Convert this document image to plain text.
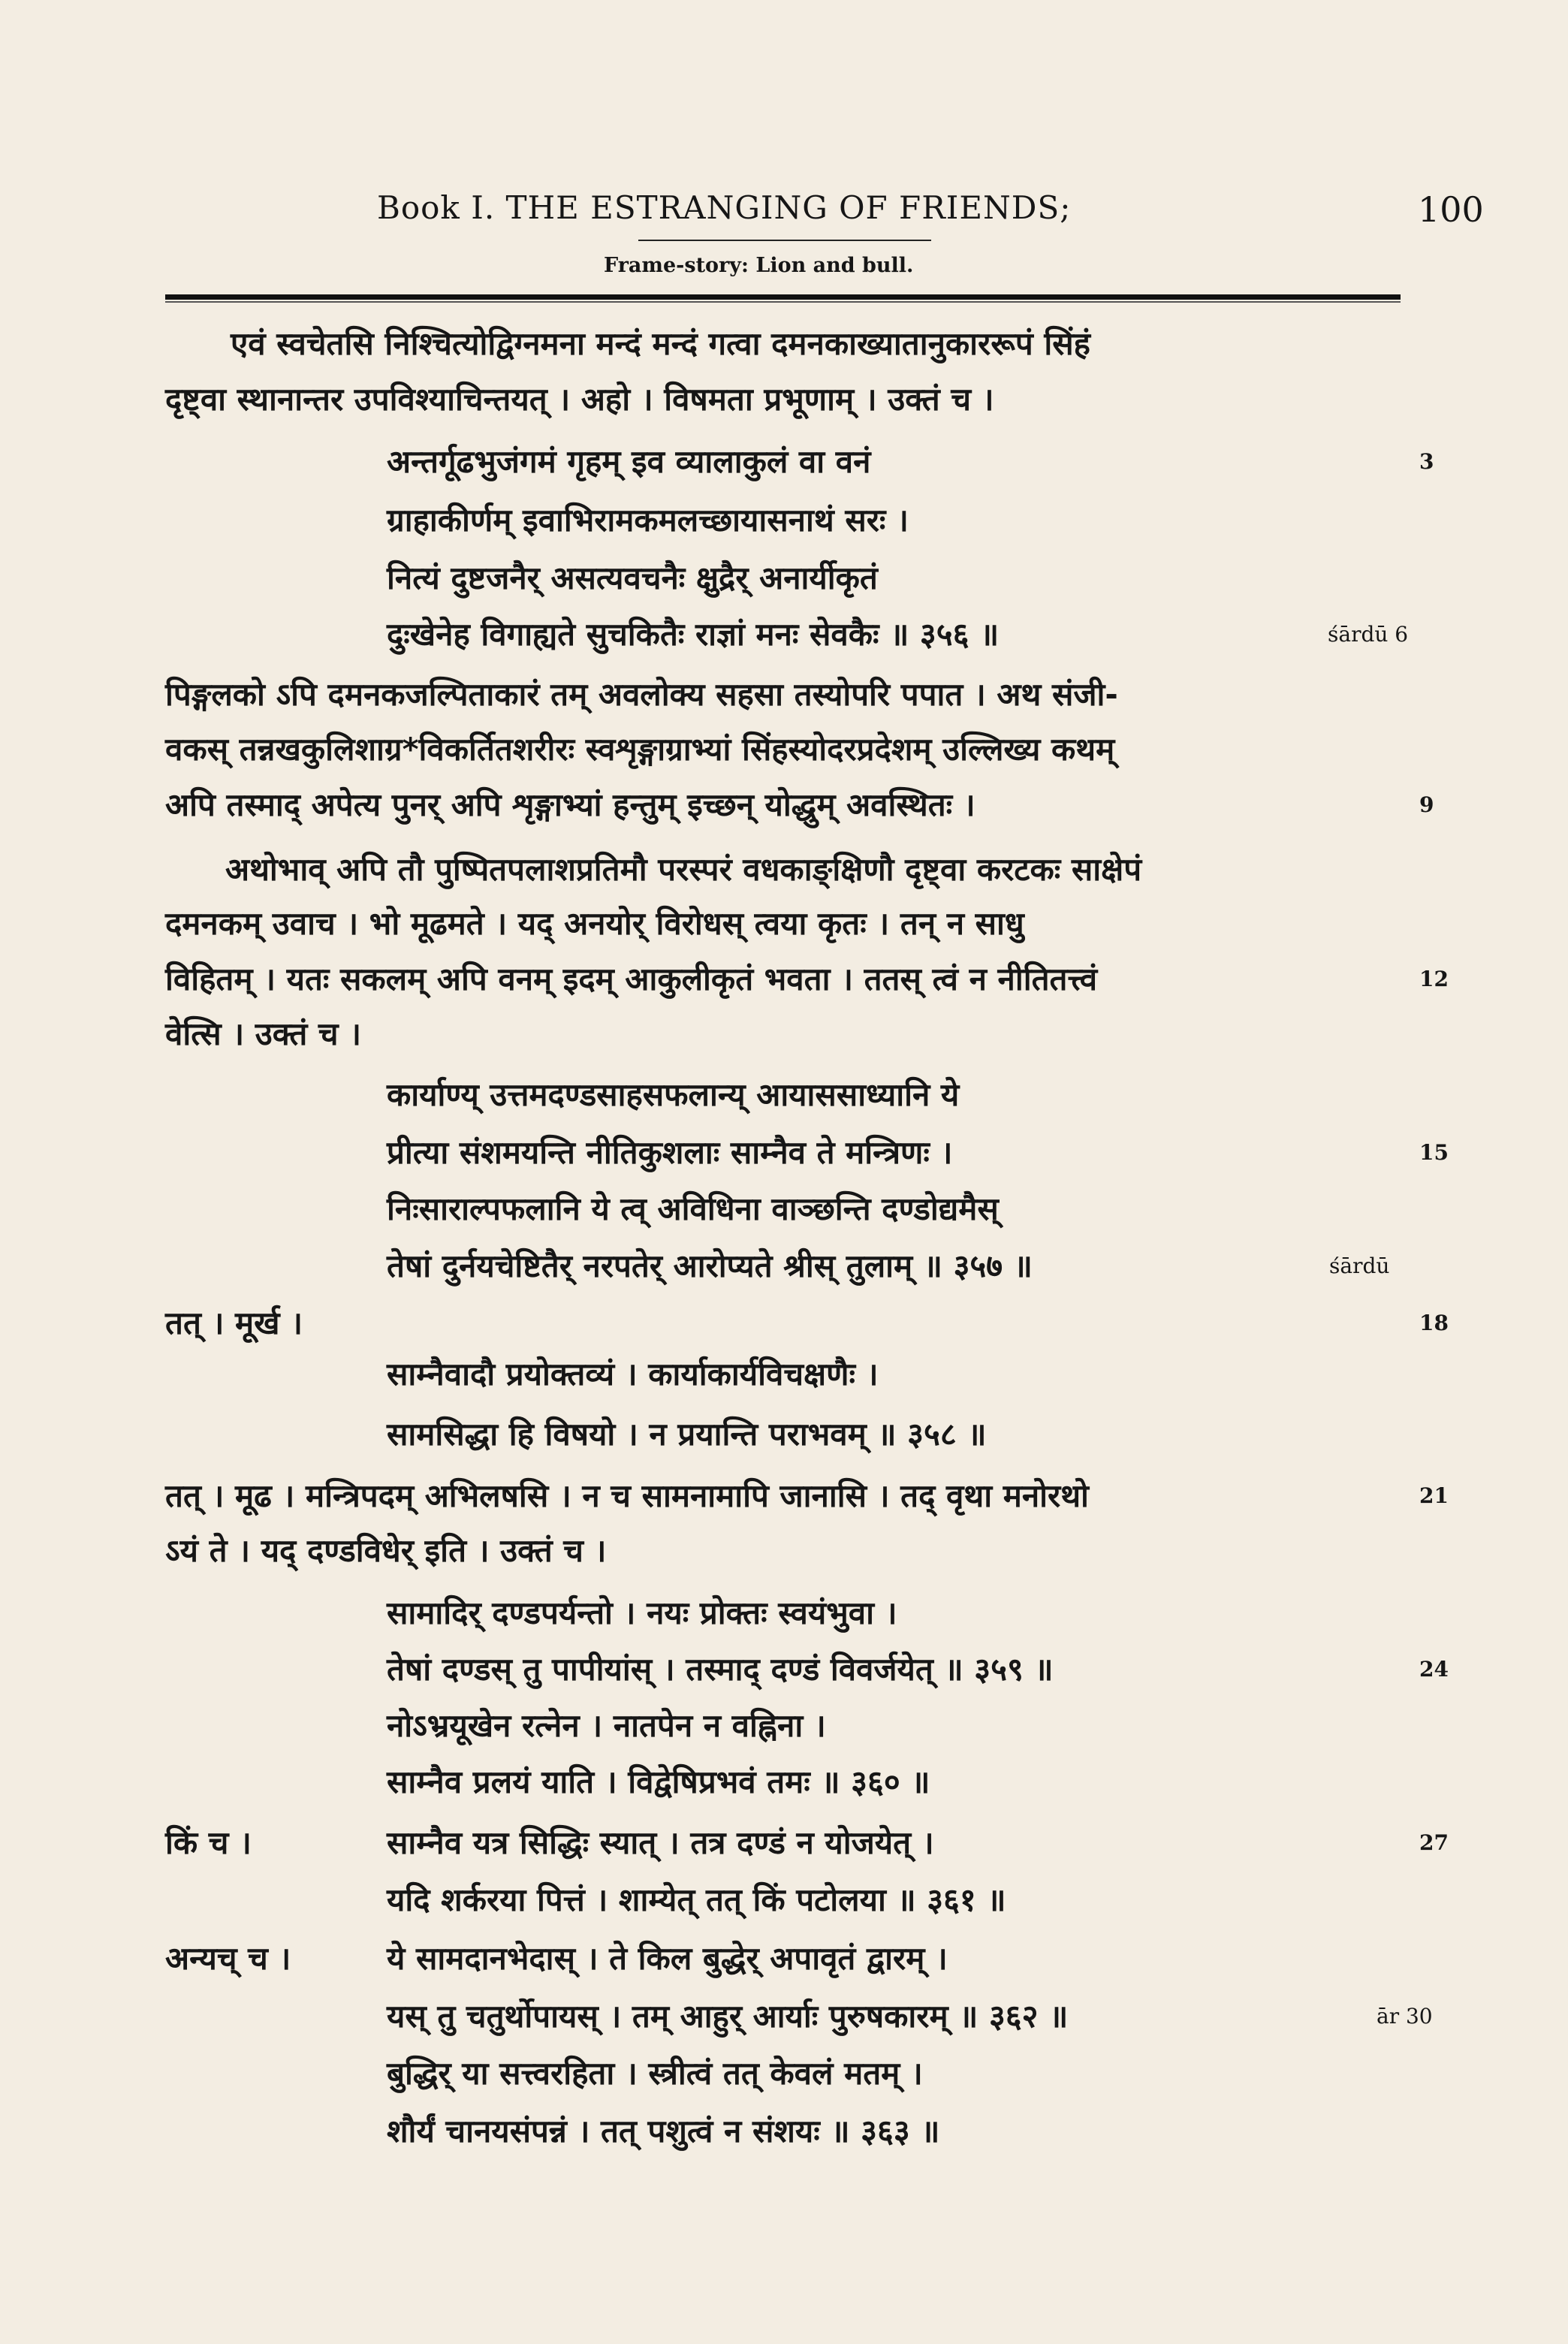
Book I. THE ESTRANGING OF FRIENDS;	100
Frame-story: Lion and bull.
एवं स्वचेतसि निश्चित्योद्विग्नमना मन्दं मन्दं गत्वा दमनकाख्यातानुकाररूपं सिंहं
दृष्ट्वा स्थानान्तर उपविश्याचिन्तयत् । अहो । विषमता प्रभूणाम् । उक्तं च ।
अन्तर्गूढभुजंगमं गृहम् इव व्यालाकुलं वा वनं
ग्राहाकीर्णम् इवाभिरामकमलच्छायासनाथं सरः ।
नित्यं दुष्टजनैर् असत्यवचनैः क्षुद्रैर् अनार्यीकृतं
दुःखेनेह विगाह्यते सुचकितैः राज्ञां मनः सेवकैः ॥ ३५६ ॥
पिङ्गलको ऽपि दमनकजल्पिताकारं तम् अवलोक्य सहसा तस्योपरि पपात । अथ संजी-
वकस् तन्नखकुलिशाग्र*विकर्तितशरीरः स्वशृङ्गाग्राभ्यां सिंहस्योदरप्रदेशम् उल्लिख्य कथम्
अपि तस्माद् अपेत्य पुनर् अपि शृङ्गाभ्यां हन्तुम् इच्छन् योद्धुम् अवस्थितः ।
अथोभाव् अपि तौ पुष्पितपलाशप्रतिमौ परस्परं वधकाङ्क्षिणौ दृष्ट्वा करटकः साक्षेपं
दमनकम् उवाच । भो मूढमते । यद् अनयोर् विरोधस् त्वया कृतः । तन् न साधु
विहितम् । यतः सकलम् अपि वनम् इदम् आकुलीकृतं भवता । ततस् त्वं न नीतितत्त्वं
वेत्सि । उक्तं च ।
कार्याण्य् उत्तमदण्डसाहसफलान्य् आयाससाध्यानि ये
प्रीत्या संशमयन्ति नीतिकुशलाः साम्नैव ते मन्त्रिणः ।
निःसाराल्पफलानि ये त्व् अविधिना वाञ्छन्ति दण्डोद्यमैस्
तेषां दुर्नयचेष्टितैर् नरपतेर् आरोप्यते श्रीस् तुलाम् ॥ ३५७ ॥
तत् । मूर्ख ।
साम्नैवादौ प्रयोक्तव्यं । कार्याकार्यविचक्षणैः ।
सामसिद्धा हि विषयो । न प्रयान्ति पराभवम् ॥ ३५८ ॥
तत् । मूढ । मन्त्रिपदम् अभिलषसि । न च सामनामापि जानासि । तद् वृथा मनोरथो
ऽयं ते । यद् दण्डविधेर् इति । उक्तं च ।
सामादिर् दण्डपर्यन्तो । नयः प्रोक्तः स्वयंभुवा ।
तेषां दण्डस् तु पापीयांस् । तस्माद् दण्डं विवर्जयेत् ॥ ३५९ ॥
नोऽभ्रयूखेन रत्नेन । नातपेन न वह्निना ।
साम्नैव प्रलयं याति । विद्वेषिप्रभवं तमः ॥ ३६० ॥
किं च ।	साम्नैव यत्र सिद्धिः स्यात् । तत्र दण्डं न योजयेत् ।
यदि शर्करया पित्तं । शाम्येत् तत् किं पटोलया ॥ ३६१ ॥
अन्यच् च ।	ये सामदानभेदास् । ते किल बुद्धेर् अपावृतं द्वारम् ।
यस् तु चतुर्थोपायस् । तम् आहुर् आर्याः पुरुषकारम् ॥ ३६२ ॥
बुद्धिर् या सत्त्वरहिता । स्त्रीत्वं तत् केवलं मतम् ।
शौर्यं चानयसंपन्नं । तत् पशुत्वं न संशयः ॥ ३६३ ॥
3
śārdū 6
9
12
15
śārdū
18
21
24
27
ār 30
